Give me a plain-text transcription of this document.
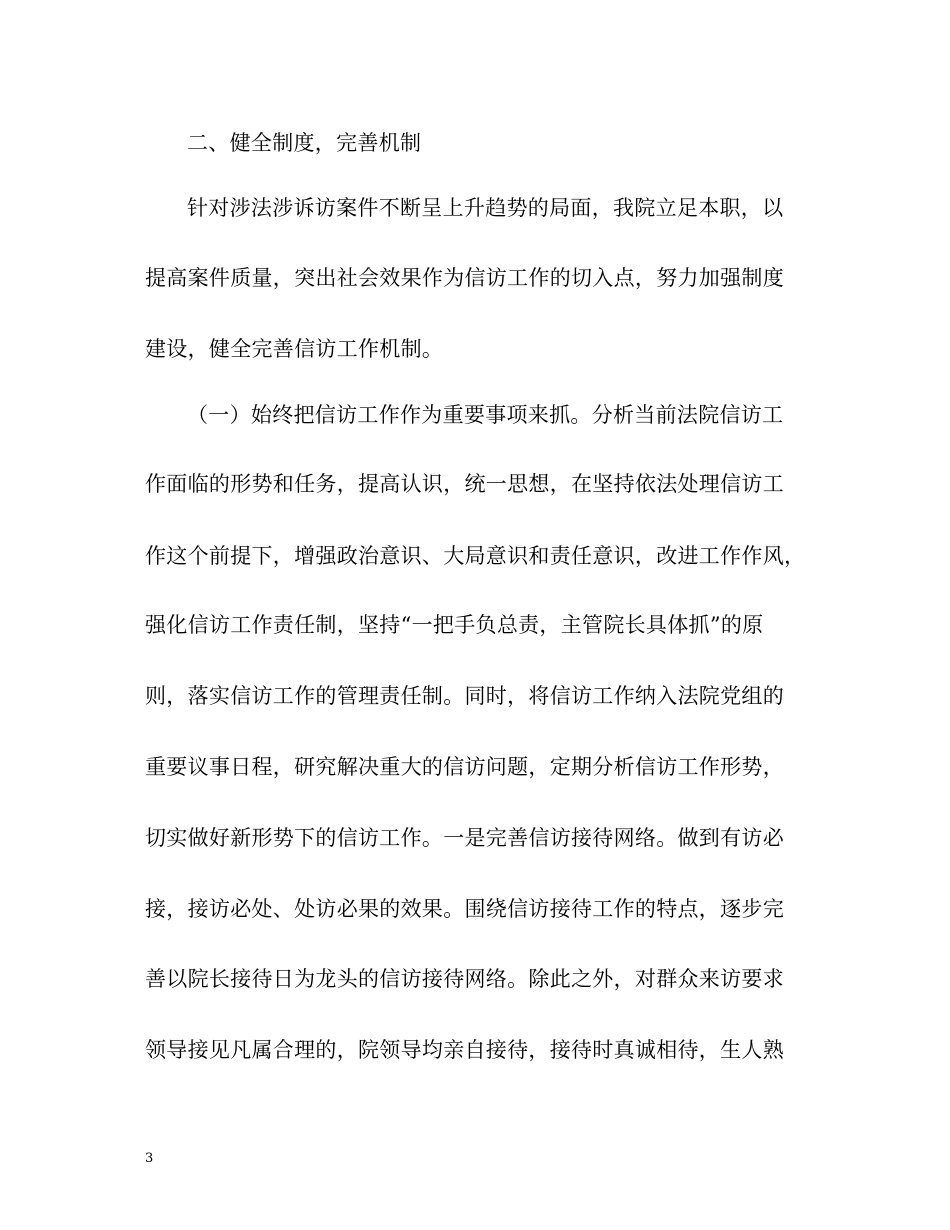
二、健全制度，完善机制
针对涉法涉诉访案件不断呈上升趋势的局面，我院立足本职，以
提高案件质量，突出社会效果作为信访工作的切入点，努力加强制度
建设，健全完善信访工作机制。
（一）始终把信访工作作为重要事项来抓。分析当前法院信访工
作面临的形势和任务，提高认识，统一思想，在坚持依法处理信访工
作这个前提下，增强政治意识、大局意识和责任意识，改进工作作风，
强化信访工作责任制，坚持“一把手负总责，主管院长具体抓”的原
则，落实信访工作的管理责任制。同时，将信访工作纳入法院党组的
重要议事日程，研究解决重大的信访问题，定期分析信访工作形势，
切实做好新形势下的信访工作。一是完善信访接待网络。做到有访必
接，接访必处、处访必果的效果。围绕信访接待工作的特点，逐步完
善以院长接待日为龙头的信访接待网络。除此之外，对群众来访要求
领导接见凡属合理的，院领导均亲自接待，接待时真诚相待，生人熟
3
